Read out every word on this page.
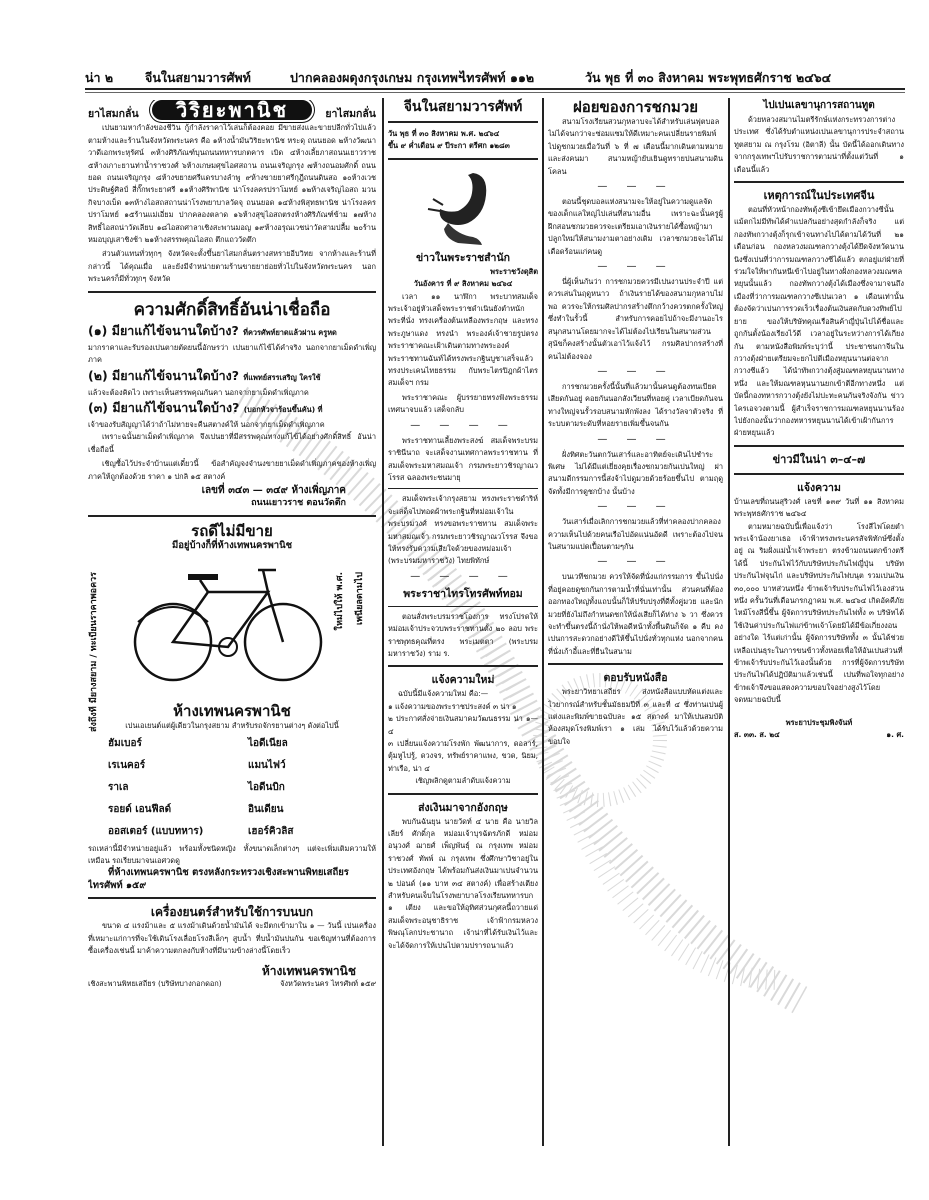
น่า ๒	จีนในสยามวารศัพท์	ปากคลองผดุงกรุงเกษม กรุงเทพฯ
ไทรศัพท์ ๑๑๒	วัน พุธ ที่ ๓๐ สิงหาคม พระพุทธศักราช ๒๔๖๔
ยาไสมกลั่น	วิริยะพานิช	ยาไสมกลั่น

เปนยามหากำลังของชีวิน กู้กำลังราคาไว้เล่นก็ต้องคอย มีขายส่งและขายปลีกทั่วไปแล้ว ตามห้างและร้านในจังหวัดพระนคร คือ ๑ห้างน้ำมันวิริยะพานิช หระดุ ถนนยอด ๒ห้างวัฒนาวาดีเอกพระหุรัศน์ ๓ห้างศิริภัณฑ์บุนถนนทหารบกตคาร เบิด ๔ห้างเลี้ยภาสถนนเยาวราช ๕ห้างเกาะยานท่าน้ำราชวงศ์ ๖ห้างเกษมศุขไอศสถาน ถนนเจริญกรุง ๗ห้างถนอมศักดิ์ ถนนยอด ถนนเจริญกรุง ๘ห้างขยายศรีแดรบางลำพู ๙ห้างขายยาศรีกุฎีถนนดินสอ ๑๐ห้างเวชประดิษฐ์ศิลป์ สี่กั๊กพระยาศรี ๑๑ห้างศิริพานิช น่าโรงลครปราโมทย์ ๑๒ห้างเจริญไอสถ มวนกิจบางเบ็ด ๑๓ห้างไอสถสถานน่าโรงพยาบาลวัดจุ ถนนยอด ๑๔ห้างพิสุทธพานิช น่าโรงลครปราโมทย์ ๑๕ร้านแม่เอี่ยม ปากคลองตลาด ๑๖ห้างสุขุไอสถตรงห้างศิริภัณฑ์ข้าม ๑๗ห้างสิทธิ์ไอสถน่าวัดเลียบ ๑๘ไอสถศาลาเชิงสะพานมอญ ๑๙ห้างอรุณเวชน่าวัดสามปลื้ม ๒๐ร้านหมอบุญเสาชิงช้า ๒๑ห้างสรรพคุณไอสถ ตึกแถววัดตึก

ส่วนตัวแทนทั่วทุกๆ จังหวัดจะตั้งขึ้นยาไสมกลั่นตรางสหรายอีบวิทย จากห้างและร้านที่กล่าวนี้ ได้คุณเมื่อ และยังมีจำหน่ายตามร้านขายยาย่อยทั่วไปในจังหวัดพระนคร นอกพระนครก็มีทั่วทุกๆ จังหวัด

ความศักดิ์สิทธิ์อันน่าเชื่อถือ
(๑) มียาแก้ไข้จนานใดบ้าง? ที่ควรศัพท์ยาดแล้วผ่าน ครูหด
มากราคาและรับรองเปนตายตัดยนนี้อักษรว่า เปนยาแก้ไข้ได้คำจริง นอกจากยาเม็ดดำเพิ่ญภาค
(๒) มียาแก้ไข้จนานใดบ้าง? ที่แพทย์สรรเสริญ ใครใช้
แล้วจะต้องคิดไว เพราะเห็นสรรพคุณกันคา นอกจากยาเม็ดดำเพิ่ญภาค
(๓) มียาแก้ไข้จนานใดบ้าง? (บอกหัวจาร้อนขึ้นคัน) ที่
เจ้าของรับสัญญาได้ว่าถ้าไม่หายจะคืนสตางค์ให้ นอกจากยาเม็ดดำเพิ่ญภาค

เพราะฉนั้นยาเม็ดดำเพิ่ญภาค จึงเปนยาที่มีสรรพคุณทางแก้ไข้ได้อย่างศักดิ์สิทธิ์ อันน่าเชื่อถือนี้

เชิญซื้อไว้ประจำบ้านแต่เดี๋ยวนี้ ข้อสำคัญจงจำนงขายยาเม็ดดำเพิ่ญภาคของห้างเพิ่ญภาคให้ถูกต้องด้วย ราคา ๑ ปกลิ ๑๕ สตางค์

เลขที่ ๓๔๓ — ๓๔๙ ห้างเพิ่ญภาค
ถนนเยาวราช ตอนวัดตึก
รถดีไม่มีขาย
มีอยู่บ้างก็ที่ห้างเทพนครพานิช
ส่งถึงที่ มียางสยาม / ทะเบียนราคาพอควร	ใหม่ไปให้ พ.ศ. เพนียลตามไป
ห้างเทพนครพานิช
เปนเอเยนต์แต่ผู้เดียวในกรุงสยาม สำหรับรถจักรยานต่างๆ ดังต่อไปนี้
ฮัมเบอร์	ไอดีเนียล
เรเนคอร์	แมนไฟว์
ราเล	ไอดีนบิก
รอยด์ เอนฟีลด์	อินเดียน
ออสเตอร์ (แบบทหาร)	เฮอร์คิวลิส
รถเหล่านี้มีจำหน่ายอยู่แล้ว พร้อมทั้งชนิดหญิง ทั้งขนาดเล็กต่างๆ แต่จะเพิ่มเติมความให้เหมือน รถเรียบมาจนเอศวดดู
ที่ห้างเทพนครพานิช ตรงหลังกระทรวงเชิงสะพานพิทยเสถียร
ไทรศัพท์ ๑๕๙
เครื่องยนตร์สำหรับใช้การบนบก

ขนาด ๔ แรงม้าและ ๕ แรงม้าเดินด้วยน้ำมันได้ จะมีตกเข้ามาใน ๑ — วันนี้ เปนเครื่องที่เหมาะแก่การที่จะใช้เดินโรงเลื่อยโรงสีเล็กๆ สูบน้ำ ที่บน้ำมันปนกัน ขอเชิญท่านที่ต้องการซื้อเครื่องเช่นนี้ มาค้าความตกลงกับห้างที่มีนามข้างล่างนี้โดยเร็ว

ห้างเทพนครพานิช
เชิงสะพานพิทยเสถียร (บริษัทบางกอกดอก)	จังหวัดพระนคร ไทรศัพท์ ๑๕๙
จีนในสยามวารศัพท์
วัน พุธ ที่ ๓๐ สิงหาคม พ.ศ. ๒๔๖๔
ขึ้น ๙ ค่ำเดือน ๙ ปีระกา ตรีศก ๑๒๘๓
ข่าวในพระราชสำนัก
พระราชวังดุสิต
วันอังคาร ที่ ๙ สิงหาคม ๒๔๖๔

เวลา ๑๑ นาฬิกา พระบาทสมเด็จพระเจ้าอยู่หัวเสด็จพระราชดำเนินยังตำหนักพระที่นั่ง ทรงเครื่องต้นเหลืองพระกฤษ และทรงพระภูษาแดง ทรงนำ พระองค์เจ้าชายรูปตรง พระราชาคณะเฝ้าเดินตามทางพระองค์ พระราชทานฉันท์ได้ทรงพระกฐินบูชาเสร็จแล้ว ทรงประเคนไทยธรรม กับพระไตรปิฎกผ้าไตร สมเด็จฯ กรม

พระราชาคณะ ผู้บรรยายทรงฟังพระธรรมเทศนาจบแล้ว เสด็จกลับ

— — — —

พระราชทานเลี้ยงพระสงฆ์ สมเด็จพระบรมราชินีนาถ จะเสด็จงานเทศกาลพระราชทาน ที่สมเด็จพระมหาสมณเจ้า กรมพระยาวชิรญาณวโรรส ฉลองพระชนมายุ

สมเด็จพระเจ้ากรุงสยาม ทรงพระราชดำริห์จะเสด็จไปทอดผ้าพระกฐินที่หม่อมเจ้าในพระบรมวงศ์ ทรงขอพระราชทาน สมเด็จพระมหาสมณเจ้า กรมพระยาวชิรญาณวโรรส จึงขอให้ทรงรับความเสียใจด้วยของหม่อมเจ้า (พระบรมมหาราชวัง) ไทยพิทักษ์

— — — —
พระราชาไทรโทรศัพท์ทอม

ตอนสั่งพระบรมราชโองการ ทรงโปรดให้หม่อมเจ้าประจวบพระราชทานตั้ง ๒๐ ลอบ พระราชพุทธคุณที่ตรง พระเมตตา (พระบรมมหาราชวัง) ราม ร.

แจ้งความใหม่
ฉบับนี้มีแจ้งความใหม่ คือ:—
๑ แจ้งความของพระราชประสงค์ ๓ น่า ๑
๒ ประกาศสั่งจ่ายเงินสมาคมวัฒนธรรม น่า ๑—๔
๓ เปลี่ยนแจ้งความโรงพัก พัฒนาการ, ดอลาร์, ตุ้มหูไปรู้, ดวงจร, ทรัพย์ราคาแพง, ขวด, นิยม, ท่าเรือ, น่า ๔
เชิญพลิกดูตามลำดับแจ้งความ
ส่งเงินมาจากอังกฤษ

พบกันฉันยุน นายวัดท์ ๔ นาย คือ นายวิลเลียร์ ศักดิ์กุล หม่อมเจ้าบุรฉัตรภักดี หม่อมอนุวงศ์ ฌายศ์ เพ็ญพันธุ์ ณ กรุงเทพ หม่อมราชวงศ์ ทัพพ์ ณ กรุงเทพ ซึ่งศึกษาวิชาอยู่ในประเทศอังกฤษ ได้พร้อมกันส่งเงินมาเปนจำนวน ๒ ปอนด์ (๑๑ บาท ๓๔ สตางค์) เพื่อสร้างเตียงสำหรับคนเจ็บในโรงพยาบาลโรงเรียนทหารบก ๑ เตียง และขอให้อุทิศส่วนกุศลนี้ถวายแด่สมเด็จพระอนุชาธิราช เจ้าฟ้ากรมหลวงพิษณุโลกประชานาถ เจ้าน่าที่ได้รับเงินไว้และจะได้จัดการให้เปนไปตามปรารถนาแล้ว

ฝอยของการชกมวย

สนามโรงเรียนสวนกุหลาบจะได้สำหรับเล่นฟุตบอลไม่ได้จนกว่าจะซ่อมแซมให้ดีเหมาะคนเปลี่ยนรายพิมพ์ไปดูชกมวยเมื่อวันที่ ๖ ที่ ๗ เดือนนี้มากเดินตามหมายและส่งคนมา สนามหญ้ายับเยินดูทรายปนสนามดินโคลน

— — —

ตอนนี้ชุดบอลแห่งสนามจะให้อยู่ในความดูแลจัดของเด็กแลใหญ่ไปเล่นที่สนามอื่น เพราะฉะนั้นครูผู้ฝึกสอนชกมวยควรจะเตรียมเอาเงินรายได้ซื้อหญ้ามาปลูกใหม่ให้สนามงามตาอย่างเดิม เวลาชกมวยจะได้ไม่เดือดร้อนแก่คนดู

— — —

นี่ผู้เห็นกันว่า การชกมวยควรมีเปนงานประจำปี แต่ควรเล่นในฤดูหนาว ถ้าเงินรายได้ของสนามกุหลาบไม่พอ ควรจะให้กรมศิลปากรสร้างตึกกว้างควรตกครั้งใหญ่ซึ่งทำในรั้วนี้ สำหรับการคอยไปถ้าจะมีงานอะไรสนุกสนานโดยมากจะได้ไม่ต้องไปเรียนในสนามส่วนสุนัขก็คงสร้างนั้นตัวเอาไว้แจ้งไว้ กรมศิลปากรสร้างที่คนไม่ต้องจอง

— — —

การชกมวยครั้งนี้นั้นที่แล้วมานั้นคนดูต้องทนเบียดเสียดกันอยู่ คอยกันนอกสังเวียนที่หอยคู่ เวลาเบียดกันจนทางใหญ่จนรั้วรอบสนามหักพังลง ได้รางวัลจาตัวจริง ที่ระบบตามระดับที่หอยรายเพิ่มขึ้นจนกัน

— — —

ฝั่งทิศตะวันตกวันเสาร์และอาทิตย์จะเดินไปชำระพิเศษ ไม่ได้มีแต่เยี่ยงคุยเรื่องชกมวยกันเปนใหญ่ ผ่าสนามดีกรรมการนี้ส่งจ้าไปดูมวยด้วยร้อยขึ้นไป ตามฤดูจัดทั้งมีการดูชกบ้าง นั้นบ้าง

— — —

วันเสาร์เมื่อเลิกการชกมวยแล้วที่ท่าคลองปากคลอง ความเห็นไปด้วยคนเรือไปอัดแน่นอัดดี เพราะต้องไปจนในสนามแปดเปื้อนตามๆกัน

— — —

บนเวทีชกมวย ควรให้จัดที่นั่งแก่กรรมการ ขึ้นไปนั่งที่อยู่คอยดูชกกันการตามน้ำที่นั่นเท่านั้น ส่วนคนที่ต้องออกทองใหญ่ทั้งแถบนั้นก็ให้ปรับปรุงที่ดีทั้งคู่มวย และนักมวยที่ยังไม่ถึงกำหนดชกให้นั่งเสียก็ได้ห่าง ๖ วา ซึ่งควรจะทำขึ้นตรงนี้ถ้านั่งให้พอดีหน้าทั้งพื้นดินก็จัด ๑ คืบ คงเปนการสะดวกอย่างดีให้ขึ้นไปนั่งทั่วทุกแห่ง นอกจากคนที่นั่งเก้าอี้และที่ยืนในสนาม

ตอบรับหนังสือ

พระยาวิทยาเสถียร ส่งหนังสือแบบหัดแต่งและไวยากรณ์สำหรับชั้นมัธยมปีที่ ๓ และที่ ๔ ซึ่งท่านเปนผู้แต่งและพิมพ์ขายฉบับละ ๑๕ สตางค์ มาให้เปนสมบัติห้องสมุดโรงพิมพ์เรา ๑ เล่ม ได้รับไว้แล้วด้วยความขอบใจ

ไปเปนเลขานุการสถานทูต

ด้วยหลวงสมานไมตรีรักษ์แห่งกระทรวงการต่างประเทศ ซึ่งได้รับตำแหน่งเปนเลขานุการประจำสถานทูตสยาม ณ กรุงโรม (อิตาลี) นั้น บัดนี้ได้ออกเดินทางจากกรุงเทพฯไปรับราชการตามน่าที่ตั้งแต่วันที่ ๑ เดือนนี้แล้ว

เหตุการณ์ในประเทศจีน

ตอนที่หัวหน้ากองทัพตุ้งซีเข้ายึดเมืองกวางซีนั้น แม้ตกไม่มีทัพได้คำแปลกันอย่างสุดกำลังก็จริง แต่กองทัพกวางตุ้งก็รุกเข้าจนทางไปได้ตามได้วันที่ ๒๑ เดือนก่อน กองหลวงมณฑลกวางตุ้งได้ยึดจังหวัดนานนิงซึ่งเปนที่ว่าการมณฑลกวางซีได้แล้ว ตกอยู่แก่ฝ่ายที่ร่วมใจให้พากันหนีเข้าไปอยู่ในทางฝั่งกองหลวงมณฑลหยุนนั้นแล้ว กองทัพกวางตุ้งได้เมืองซึ่งจามาจนถึงเมืองที่ว่าการมณฑลกวางซีเปนเวลา ๑ เดือนเท่านั้น ต้องจัดว่าเปนการรวดเร็วเรื่องต้นเงินสดกับดวงทิพย์ไปยาย ของให้บริษัทคุณเรือสินค้าญี่ปุ่นไปได้ชื่อและถูกกันตั้งน้องเรียงไว้ดี เวลาอยู่ในระหว่างการได้เกียงกัน ตามหนังสือพิมพ์ระบุว่านี้ ประชาชนกาจีนในกวางตุ้งฝ่ายเตรียมจะยกไปตีเมืองหยุนนานต่อจากกวางซีแล้ว ได้นำทัพกวางตุ้งสู่มณฑลหยุนนานทางหนึ่ง และให้มณฑลหุนนานยกเข้าตีอีกทางหนึ่ง แต่บัดนี้กองทหารกวางตุ้งยังไม่ปะทะคนกันจริงจังกัน ข่าวไครเอจวงตามนี้ ผู้สำเร็จราชการมณฑลหยุนนานร้องไปยังกองนั้นว่ากองทหารหยุนนานได้เข้าเฝ้ากันการฝ่ายหยุนแล้ว

ข่าวมีในน่า ๓–๔–๗
แจ้งความ
บ้านเลขที่ถนนสุริวงศ์ เลขที่ ๑๓๙ วันที่ ๑๑ สิงหาคม พระพุทธศักราช ๒๔๖๔

ตามหมายฉบับนี้เพื่อแจ้งว่า โรงสีไฟโดยตำพระเจ้าน้องยาเธอ เจ้าฟ้าทรงพระนครสัจพิทักษ์ซึ่งตั้งอยู่ ณ ริมฝั่งแม่น้ำเจ้าพระยา ตรงข้ามถนนตกข้างตรีได้นี้ ประกันไฟไว้กับบริษัทประกันไฟญี่ปุ่น บริษัทประกันไฟจุนไก่ และบริษัทประกันไฟบนุต รวมเปนเงิน ๓๐,๐๐๐ บาทส่วนหนึ่ง ข้าพเจ้ารับประกันไฟไว้เองส่วนหนึ่ง ครั้นวันที่เดือนกรกฎาคม พ.ศ. ๒๔๖๔ เกิดอัคคีภัยไหม้โรงสีนี้ขึ้น ผู้จัดการบริษัทประกันไฟทั้ง ๓ บริษัทได้ใช้เงินค่าประกันไฟแก่ข้าพเจ้าโดยมิได้มีข้อเกี่ยงงอนอย่างใด ไร้แต่เก่านั้น ผู้จัดการบริษัททั้ง ๓ นั้นได้ช่วยเหลือเปนธุระในการขนข้าวทั้งหอยเพื่อให้อันเปนส่วนที่ข้าพเจ้ารับประกันไว้เองนั้นด้วย การที่ผู้จัดการบริษัทประกันไฟได้ปฏิบัติมาแล้วเช่นนี้ เปนที่พอใจทุกอย่าง ข้าพเจ้าจึงขอแสดงความขอบใจอย่างสูงไว้โดยจดหมายฉบับนี้

พระยาประชุมพิงจันท์
ส. ๓๓. ส. ๒๔	๑. ศ.
